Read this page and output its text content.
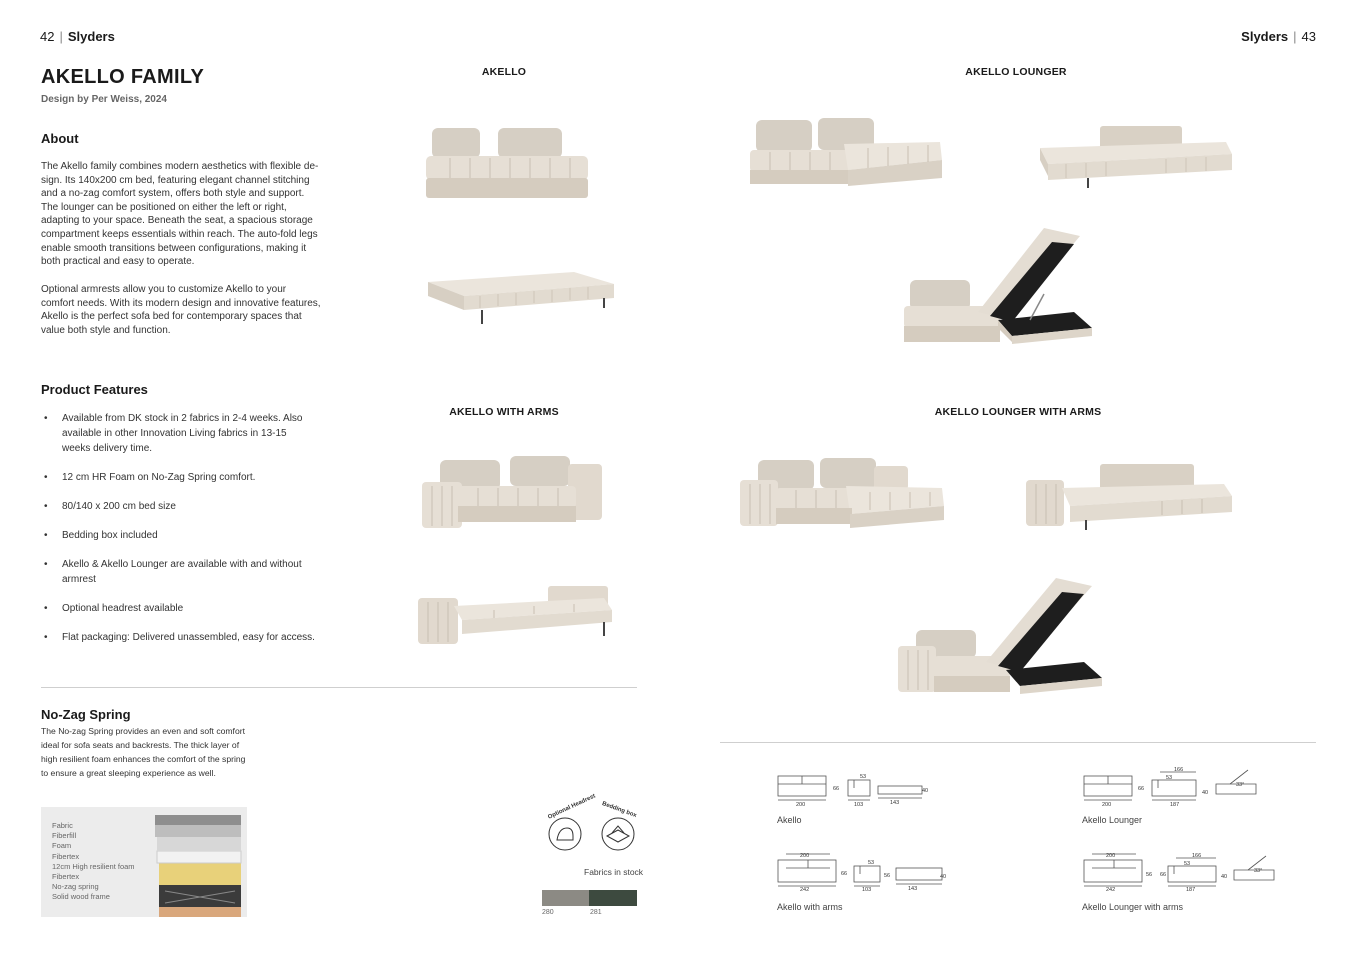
42 | Slyders	Slyders | 43
AKELLO FAMILY
Design by Per Weiss, 2024
About
The Akello family combines modern aesthetics with flexible de-
sign. Its 140x200 cm bed, featuring elegant channel stitching
and a no-zag comfort system, offers both style and support.
The lounger can be positioned on either the left or right,
adapting to your space. Beneath the seat, a spacious storage
compartment keeps essentials within reach. The auto-fold legs
enable smooth transitions between configurations, making it
both practical and easy to operate.
Optional armrests allow you to customize Akello to your
comfort needs. With its modern design and innovative features,
Akello is the perfect sofa bed for contemporary spaces that
value both style and function.
Product Features
• Available from DK stock in 2 fabrics in 2-4 weeks. Also
available in other Innovation Living fabrics in 13-15
weeks delivery time.
• 12 cm HR Foam on No-Zag Spring comfort.
• 80/140 x 200 cm bed size
• Bedding box included
• Akello & Akello Lounger are available with and without
armrest
• Optional headrest available
• Flat packaging: Delivered unassembled, easy for access.
No-Zag Spring
The No-zag Spring provides an even and soft comfort
ideal for sofa seats and backrests. The thick layer of
high resilient foam enhances the comfort of the spring
to ensure a great sleeping experience as well.
Fabric
Fiberfill
Foam
Fibertex
12cm High resilient foam
Fibertex
No-zag spring
Solid wood frame
Optional Headrest Bedding box
Fabrics in stock
280	281
AKELLO	AKELLO LOUNGER
AKELLO WITH ARMS	AKELLO LOUNGER WITH ARMS
200
66
53
103	143
40
Akello
200
66
166
53
187
40
33°
Akello Lounger
200
242
66
53
56
103	143
40
Akello with arms
200
242
56 66
166
53
187
40
33°
Akello Lounger with arms
